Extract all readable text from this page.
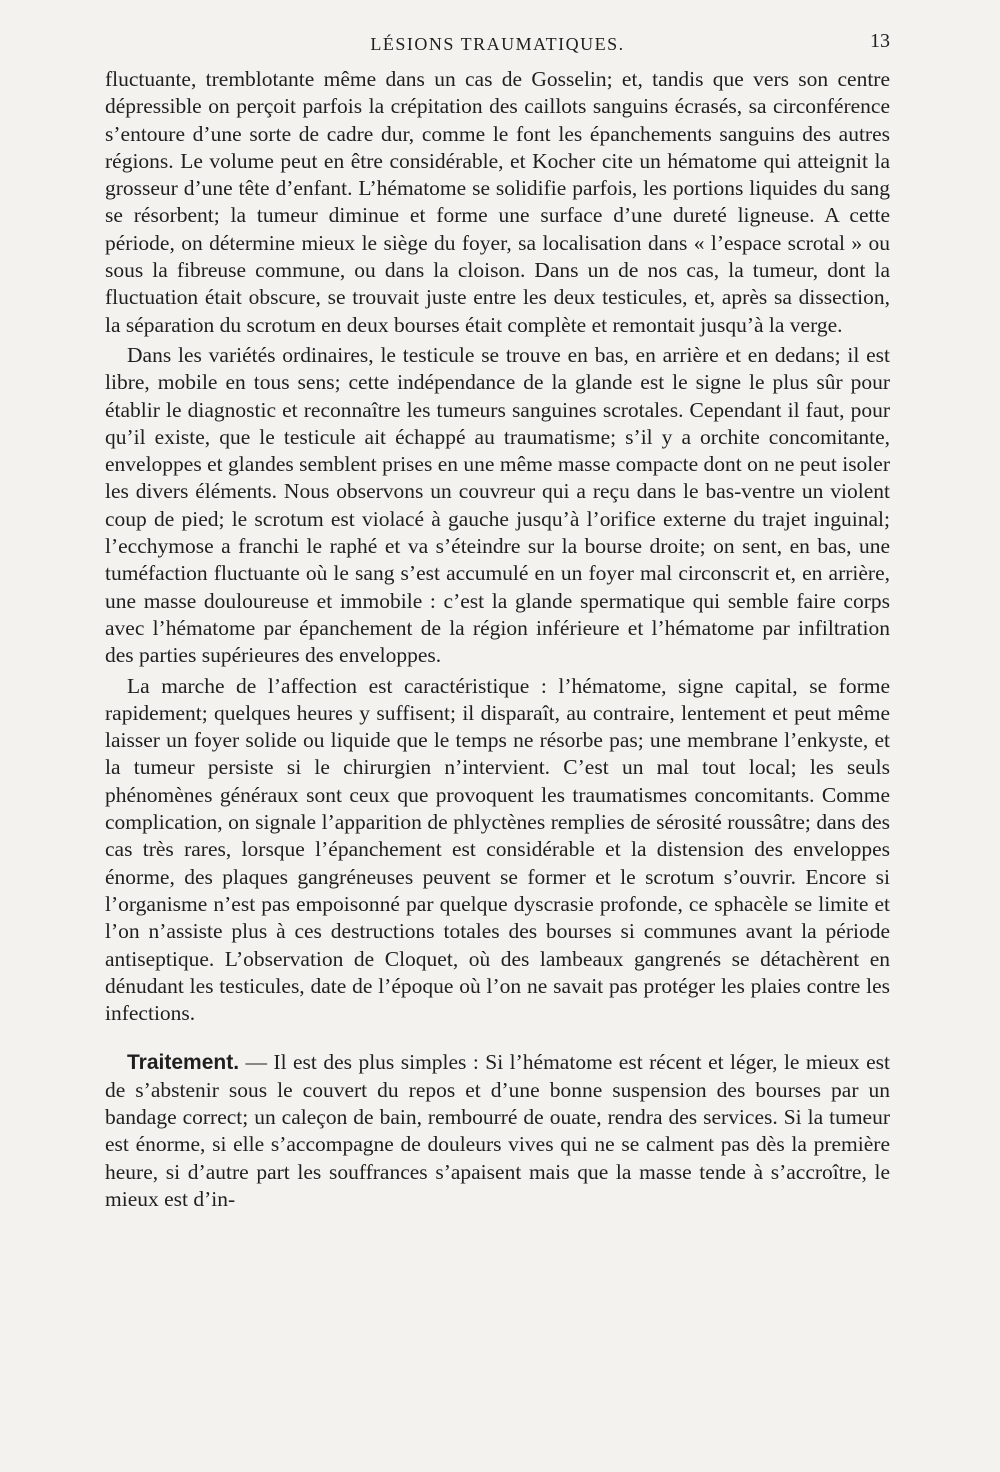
LÉSIONS TRAUMATIQUES.	13

fluctuante, tremblotante même dans un cas de Gosselin; et, tandis que vers son centre dépressible on perçoit parfois la crépitation des caillots sanguins écrasés, sa circonférence s’entoure d’une sorte de cadre dur, comme le font les épanchements sanguins des autres régions. Le volume peut en être considérable, et Kocher cite un hématome qui atteignit la grosseur d’une tête d’enfant. L’hématome se solidifie parfois, les portions liquides du sang se résorbent; la tumeur diminue et forme une surface d’une dureté ligneuse. A cette période, on détermine mieux le siège du foyer, sa localisation dans « l’espace scrotal » ou sous la fibreuse commune, ou dans la cloison. Dans un de nos cas, la tumeur, dont la fluctuation était obscure, se trouvait juste entre les deux testicules, et, après sa dissection, la séparation du scrotum en deux bourses était complète et remontait jusqu’à la verge.

Dans les variétés ordinaires, le testicule se trouve en bas, en arrière et en dedans; il est libre, mobile en tous sens; cette indépendance de la glande est le signe le plus sûr pour établir le diagnostic et reconnaître les tumeurs sanguines scrotales. Cependant il faut, pour qu’il existe, que le testicule ait échappé au traumatisme; s’il y a orchite concomitante, enveloppes et glandes semblent prises en une même masse compacte dont on ne peut isoler les divers éléments. Nous observons un couvreur qui a reçu dans le bas-ventre un violent coup de pied; le scrotum est violacé à gauche jusqu’à l’orifice externe du trajet inguinal; l’ecchymose a franchi le raphé et va s’éteindre sur la bourse droite; on sent, en bas, une tuméfaction fluctuante où le sang s’est accumulé en un foyer mal circonscrit et, en arrière, une masse douloureuse et immobile : c’est la glande spermatique qui semble faire corps avec l’hématome par épanchement de la région inférieure et l’hématome par infiltration des parties supérieures des enveloppes.

La marche de l’affection est caractéristique : l’hématome, signe capital, se forme rapidement; quelques heures y suffisent; il disparaît, au contraire, lentement et peut même laisser un foyer solide ou liquide que le temps ne résorbe pas; une membrane l’enkyste, et la tumeur persiste si le chirurgien n’intervient. C’est un mal tout local; les seuls phénomènes généraux sont ceux que provoquent les traumatismes concomitants. Comme complication, on signale l’apparition de phlyctènes remplies de sérosité roussâtre; dans des cas très rares, lorsque l’épanchement est considérable et la distension des enveloppes énorme, des plaques gangréneuses peuvent se former et le scrotum s’ouvrir. Encore si l’organisme n’est pas empoisonné par quelque dyscrasie profonde, ce sphacèle se limite et l’on n’assiste plus à ces destructions totales des bourses si communes avant la période antiseptique. L’observation de Cloquet, où des lambeaux gangrenés se détachèrent en dénudant les testicules, date de l’époque où l’on ne savait pas protéger les plaies contre les infections.

Traitement. — Il est des plus simples : Si l’hématome est récent et léger, le mieux est de s’abstenir sous le couvert du repos et d’une bonne suspension des bourses par un bandage correct; un caleçon de bain, rembourré de ouate, rendra des services. Si la tumeur est énorme, si elle s’accompagne de douleurs vives qui ne se calment pas dès la première heure, si d’autre part les souffrances s’apaisent mais que la masse tende à s’accroître, le mieux est d’in-
